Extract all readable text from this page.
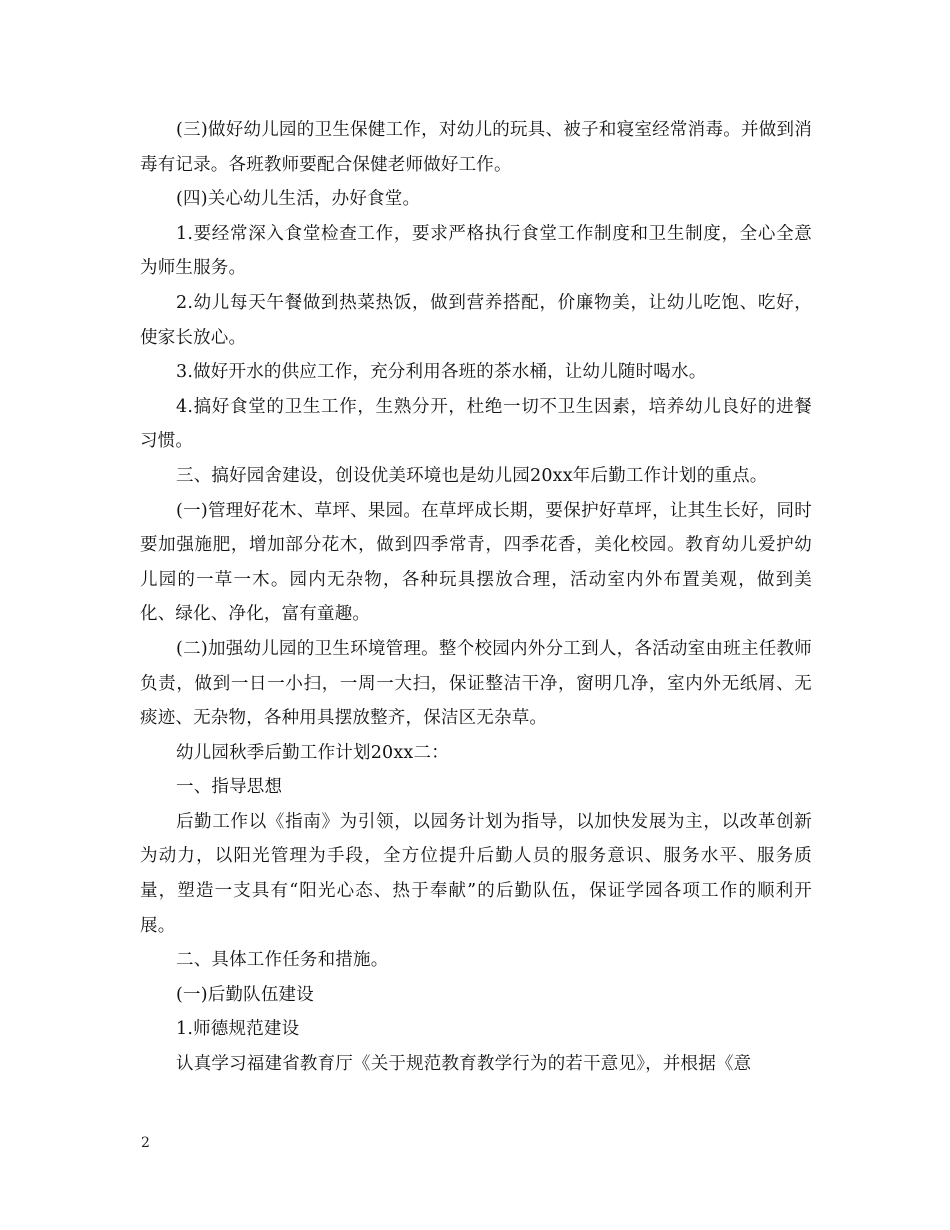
(三)做好幼儿园的卫生保健工作，对幼儿的玩具、被子和寝室经常消毒。并做到消毒有记录。各班教师要配合保健老师做好工作。

(四)关心幼儿生活，办好食堂。

1.要经常深入食堂检查工作，要求严格执行食堂工作制度和卫生制度，全心全意为师生服务。

2.幼儿每天午餐做到热菜热饭，做到营养搭配，价廉物美，让幼儿吃饱、吃好，使家长放心。

3.做好开水的供应工作，充分利用各班的茶水桶，让幼儿随时喝水。

4.搞好食堂的卫生工作，生熟分开，杜绝一切不卫生因素，培养幼儿良好的进餐习惯。

三、搞好园舍建设，创设优美环境也是幼儿园20xx年后勤工作计划的重点。

(一)管理好花木、草坪、果园。在草坪成长期，要保护好草坪，让其生长好，同时要加强施肥，增加部分花木，做到四季常青，四季花香，美化校园。教育幼儿爱护幼儿园的一草一木。园内无杂物，各种玩具摆放合理，活动室内外布置美观，做到美化、绿化、净化，富有童趣。

(二)加强幼儿园的卫生环境管理。整个校园内外分工到人，各活动室由班主任教师负责，做到一日一小扫，一周一大扫，保证整洁干净，窗明几净，室内外无纸屑、无痰迹、无杂物，各种用具摆放整齐，保洁区无杂草。

幼儿园秋季后勤工作计划20xx二：

一、指导思想

后勤工作以《指南》为引领，以园务计划为指导，以加快发展为主，以改革创新为动力，以阳光管理为手段，全方位提升后勤人员的服务意识、服务水平、服务质量，塑造一支具有“阳光心态、热于奉献”的后勤队伍，保证学园各项工作的顺利开展。

二、具体工作任务和措施。

(一)后勤队伍建设

1.师德规范建设

认真学习福建省教育厅《关于规范教育教学行为的若干意见》，并根据《意

2
